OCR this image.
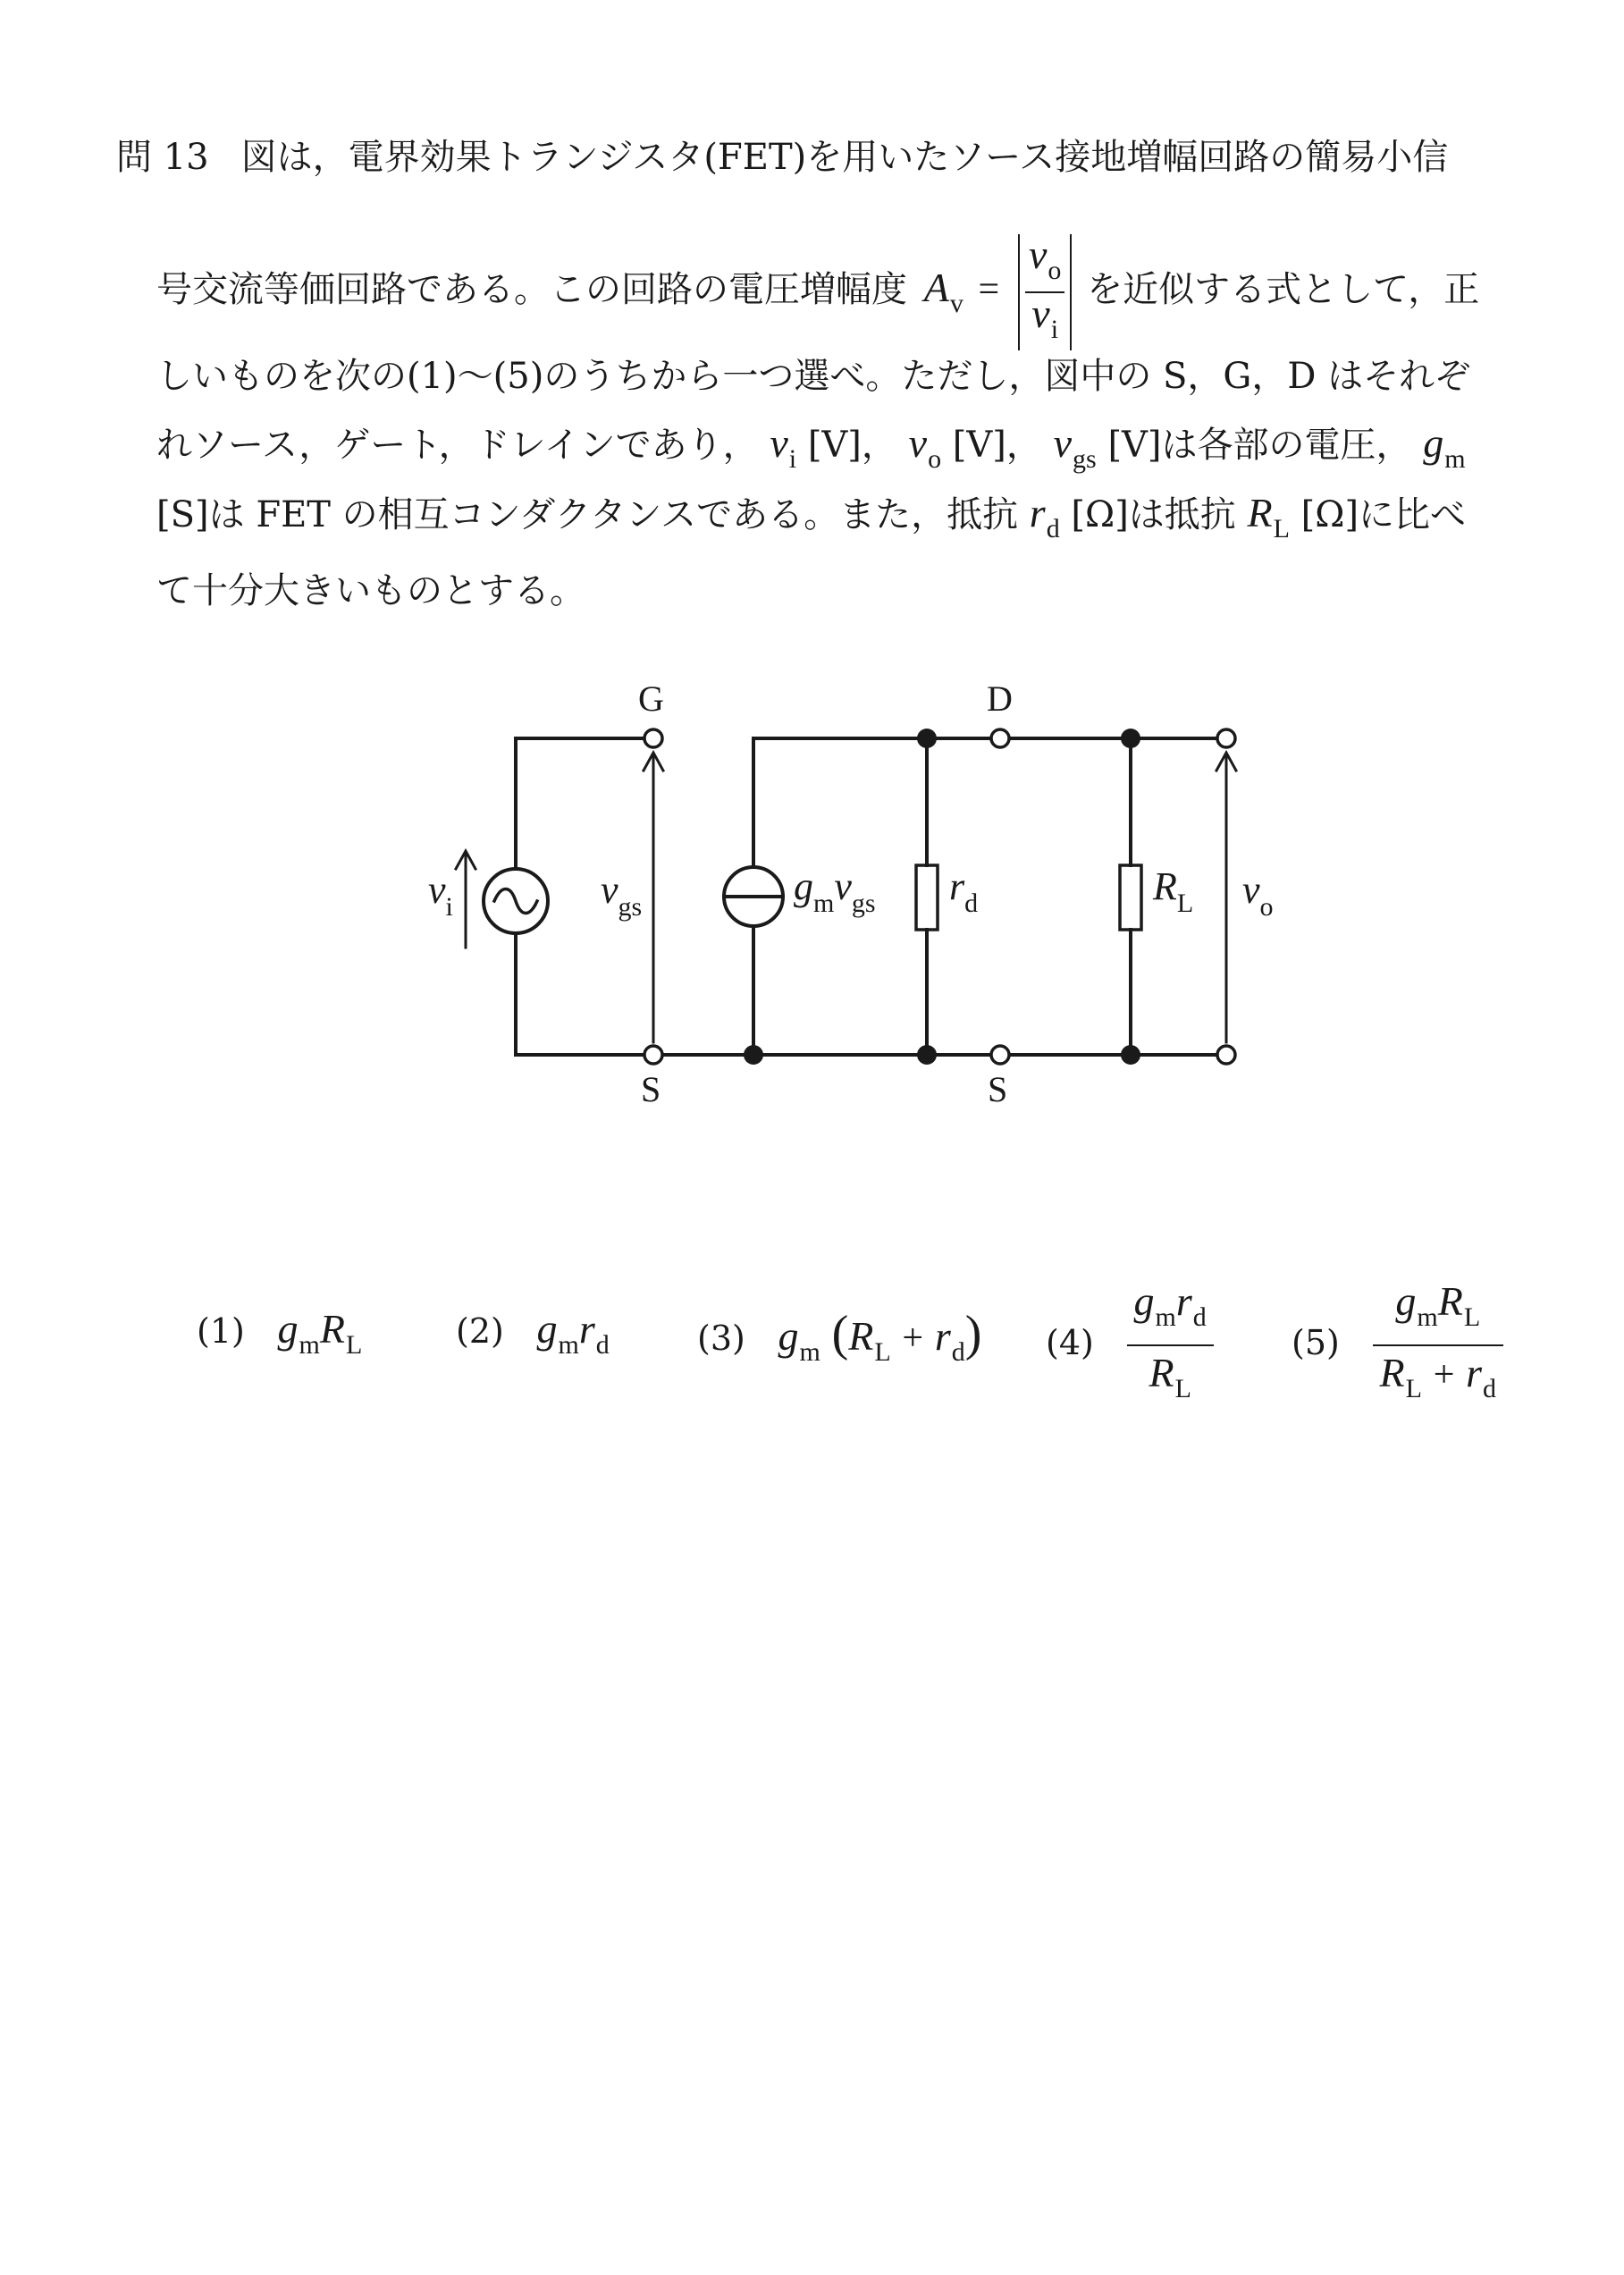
問 13 図は，電界効果トランジスタ(FET)を用いたソース接地増幅回路の簡易小信
号交流等価回路である。この回路の電圧増幅度 $A_v = \frac{v_o}{v_i}$ を近似する式として，正
しいものを次の(1)～(5)のうちから一つ選べ。ただし，図中の S，G，D はそれぞ
れソース，ゲート，ドレインであり， $v_i$ [V]， $v_o$ [V]， $v_{gs}$ [V]は各部の電圧， $g_m$
[S]は FET の相互コンダクタンスである。また，抵抗 $r_d$ [Ω]は抵抗 $R_L$ [Ω]に比べ
て十分大きいものとする。
G	D
S	S
$v_i$	$v_{gs}$	$g_mv_{gs}$ $r_d$	$R_L$ $v_o$
(1) $g_mR_L$	(2) $g_mr_d$	(3) $g_m$ $(R_L + r_d)$ (4)
$g_mr_d$
$R_L$
(5)
$g_mR_L$
$R_L + r_d$
